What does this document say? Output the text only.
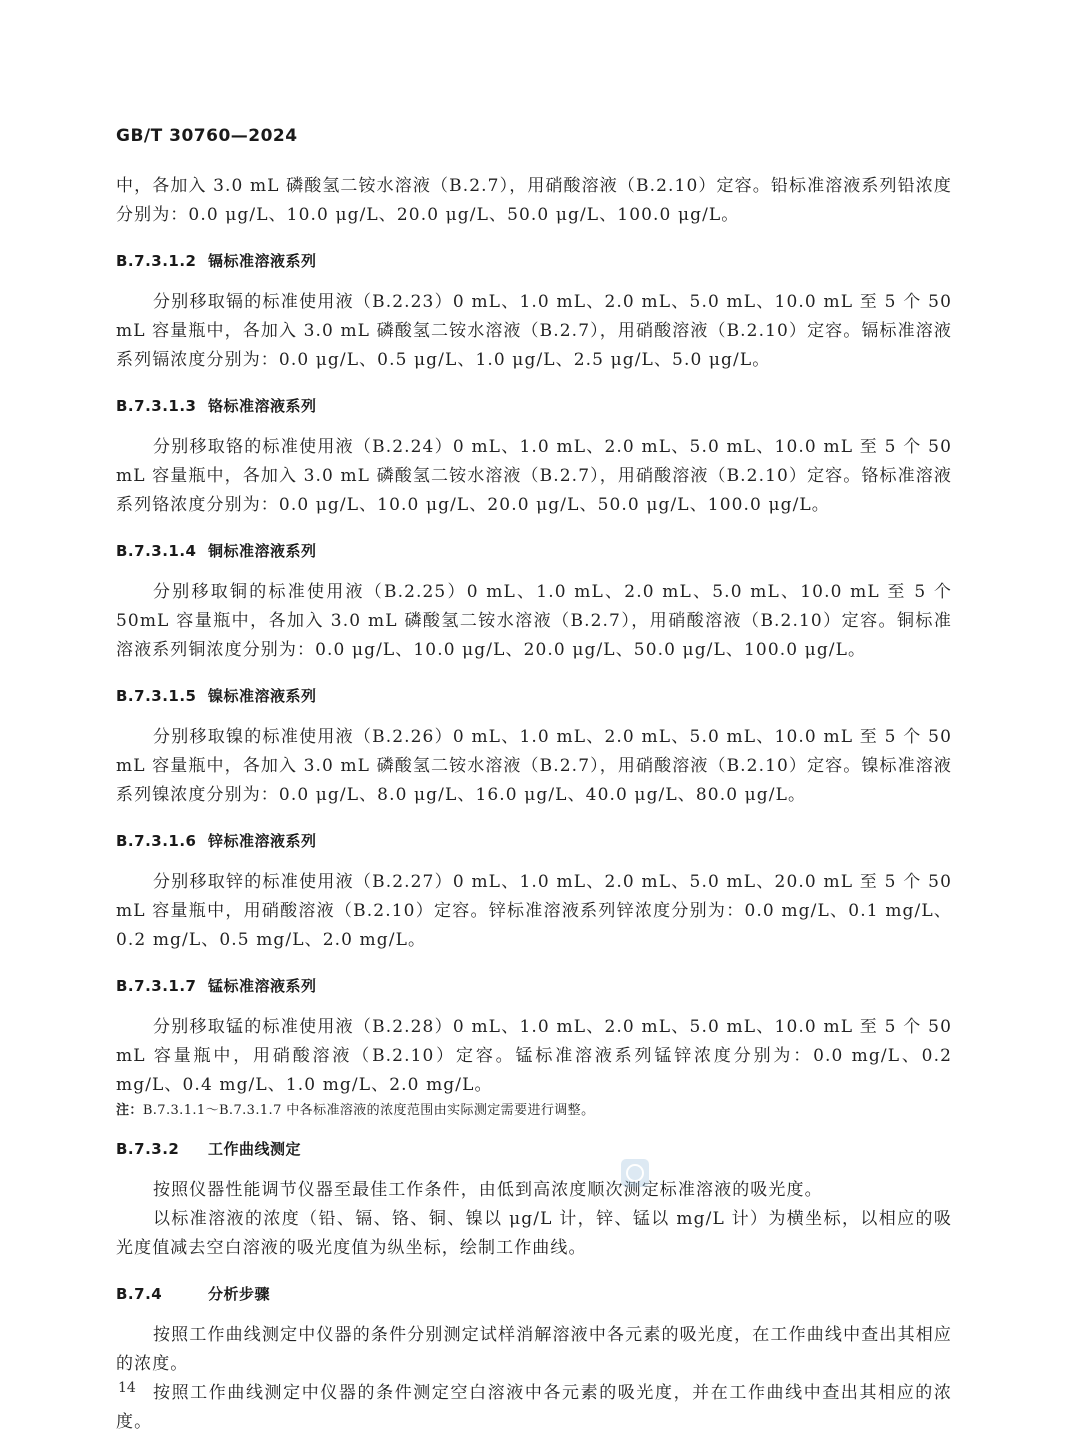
GB/T 30760—2024

中，各加入 3.0 mL 磷酸氢二铵水溶液（B.2.7），用硝酸溶液（B.2.10）定容。铅标准溶液系列铅浓度分别为：0.0 μg/L、10.0 μg/L、20.0 μg/L、50.0 μg/L、100.0 μg/L。

B.7.3.1.2 镉标准溶液系列

分别移取镉的标准使用液（B.2.23）0 mL、1.0 mL、2.0 mL、5.0 mL、10.0 mL 至 5 个 50 mL 容量瓶中，各加入 3.0 mL 磷酸氢二铵水溶液（B.2.7），用硝酸溶液（B.2.10）定容。镉标准溶液系列镉浓度分别为：0.0 μg/L、0.5 μg/L、1.0 μg/L、2.5 μg/L、5.0 μg/L。

B.7.3.1.3 铬标准溶液系列

分别移取铬的标准使用液（B.2.24）0 mL、1.0 mL、2.0 mL、5.0 mL、10.0 mL 至 5 个 50 mL 容量瓶中，各加入 3.0 mL 磷酸氢二铵水溶液（B.2.7），用硝酸溶液（B.2.10）定容。铬标准溶液系列铬浓度分别为：0.0 μg/L、10.0 μg/L、20.0 μg/L、50.0 μg/L、100.0 μg/L。

B.7.3.1.4 铜标准溶液系列

分别移取铜的标准使用液（B.2.25）0 mL、1.0 mL、2.0 mL、5.0 mL、10.0 mL 至 5 个 50mL 容量瓶中，各加入 3.0 mL 磷酸氢二铵水溶液（B.2.7），用硝酸溶液（B.2.10）定容。铜标准溶液系列铜浓度分别为：0.0 μg/L、10.0 μg/L、20.0 μg/L、50.0 μg/L、100.0 μg/L。

B.7.3.1.5 镍标准溶液系列

分别移取镍的标准使用液（B.2.26）0 mL、1.0 mL、2.0 mL、5.0 mL、10.0 mL 至 5 个 50 mL 容量瓶中，各加入 3.0 mL 磷酸氢二铵水溶液（B.2.7），用硝酸溶液（B.2.10）定容。镍标准溶液系列镍浓度分别为：0.0 μg/L、8.0 μg/L、16.0 μg/L、40.0 μg/L、80.0 μg/L。

B.7.3.1.6 锌标准溶液系列

分别移取锌的标准使用液（B.2.27）0 mL、1.0 mL、2.0 mL、5.0 mL、20.0 mL 至 5 个 50 mL 容量瓶中，用硝酸溶液（B.2.10）定容。锌标准溶液系列锌浓度分别为：0.0 mg/L、0.1 mg/L、0.2 mg/L、0.5 mg/L、2.0 mg/L。

B.7.3.1.7 锰标准溶液系列

分别移取锰的标准使用液（B.2.28）0 mL、1.0 mL、2.0 mL、5.0 mL、10.0 mL 至 5 个 50 mL 容量瓶中，用硝酸溶液（B.2.10）定容。锰标准溶液系列锰锌浓度分别为：0.0 mg/L、0.2 mg/L、0.4 mg/L、1.0 mg/L、2.0 mg/L。

注：B.7.3.1.1～B.7.3.1.7 中各标准溶液的浓度范围由实际测定需要进行调整。
B.7.3.2 工作曲线测定

按照仪器性能调节仪器至最佳工作条件，由低到高浓度顺次测定标准溶液的吸光度。

以标准溶液的浓度（铅、镉、铬、铜、镍以 μg/L 计，锌、锰以 mg/L 计）为横坐标，以相应的吸光度值减去空白溶液的吸光度值为纵坐标，绘制工作曲线。

B.7.4	分析步骤

按照工作曲线测定中仪器的条件分别测定试样消解溶液中各元素的吸光度，在工作曲线中查出其相应的浓度。

按照工作曲线测定中仪器的条件测定空白溶液中各元素的吸光度，并在工作曲线中查出其相应的浓度。

14
